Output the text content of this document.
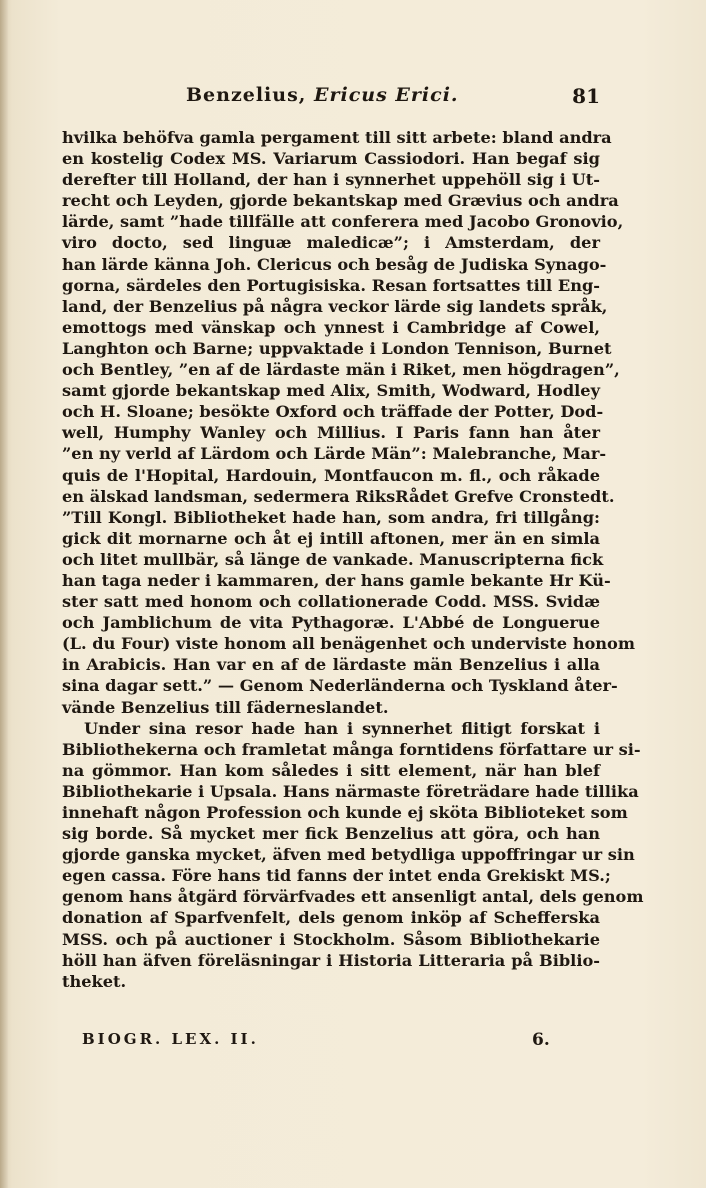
Benzelius, Ericus Erici.	81
hvilka behöfva gamla pergament till sitt arbete: bland andra
en kostelig Codex MS. Variarum Cassiodori. Han begaf sig
derefter till Holland, der han i synnerhet uppehöll sig i Ut-
recht och Leyden, gjorde bekantskap med Grævius och andra
lärde, samt ”hade tillfälle att conferera med Jacobo Gronovio,
viro docto, sed linguæ maledicæ”; i Amsterdam, der
han lärde känna Joh. Clericus och besåg de Judiska Synago-
gorna, särdeles den Portugisiska. Resan fortsattes till Eng-
land, der Benzelius på några veckor lärde sig landets språk,
emottogs med vänskap och ynnest i Cambridge af Cowel,
Langhton och Barne; uppvaktade i London Tennison, Burnet
och Bentley, ”en af de lärdaste män i Riket, men högdragen”,
samt gjorde bekantskap med Alix, Smith, Wodward, Hodley
och H. Sloane; besökte Oxford och träffade der Potter, Dod-
well, Humphy Wanley och Millius. I Paris fann han åter
”en ny verld af Lärdom och Lärde Män”: Malebranche, Mar-
quis de l'Hopital, Hardouin, Montfaucon m. fl., och råkade
en älskad landsman, sedermera RiksRådet Grefve Cronstedt.
”Till Kongl. Bibliotheket hade han, som andra, fri tillgång:
gick dit mornarne och åt ej intill aftonen, mer än en simla
och litet mullbär, så länge de vankade. Manuscripterna fick
han taga neder i kammaren, der hans gamle bekante Hr Kü-
ster satt med honom och collationerade Codd. MSS. Svidæ
och Jamblichum de vita Pythagoræ. L'Abbé de Longuerue
(L. du Four) viste honom all benägenhet och underviste honom
in Arabicis. Han var en af de lärdaste män Benzelius i alla
sina dagar sett.” — Genom Nederländerna och Tyskland åter-
vände Benzelius till fäderneslandet.
Under sina resor hade han i synnerhet flitigt forskat i
Bibliothekerna och framletat många forntidens författare ur si-
na gömmor. Han kom således i sitt element, när han blef
Bibliothekarie i Upsala. Hans närmaste företrädare hade tillika
innehaft någon Profession och kunde ej sköta Biblioteket som
sig borde. Så mycket mer fick Benzelius att göra, och han
gjorde ganska mycket, äfven med betydliga uppoffringar ur sin
egen cassa. Före hans tid fanns der intet enda Grekiskt MS.;
genom hans åtgärd förvärfvades ett ansenligt antal, dels genom
donation af Sparfvenfelt, dels genom inköp af Schefferska
MSS. och på auctioner i Stockholm. Såsom Bibliothekarie
höll han äfven föreläsningar i Historia Litteraria på Biblio-
theket.
BIOGR. LEX. II.	6.
